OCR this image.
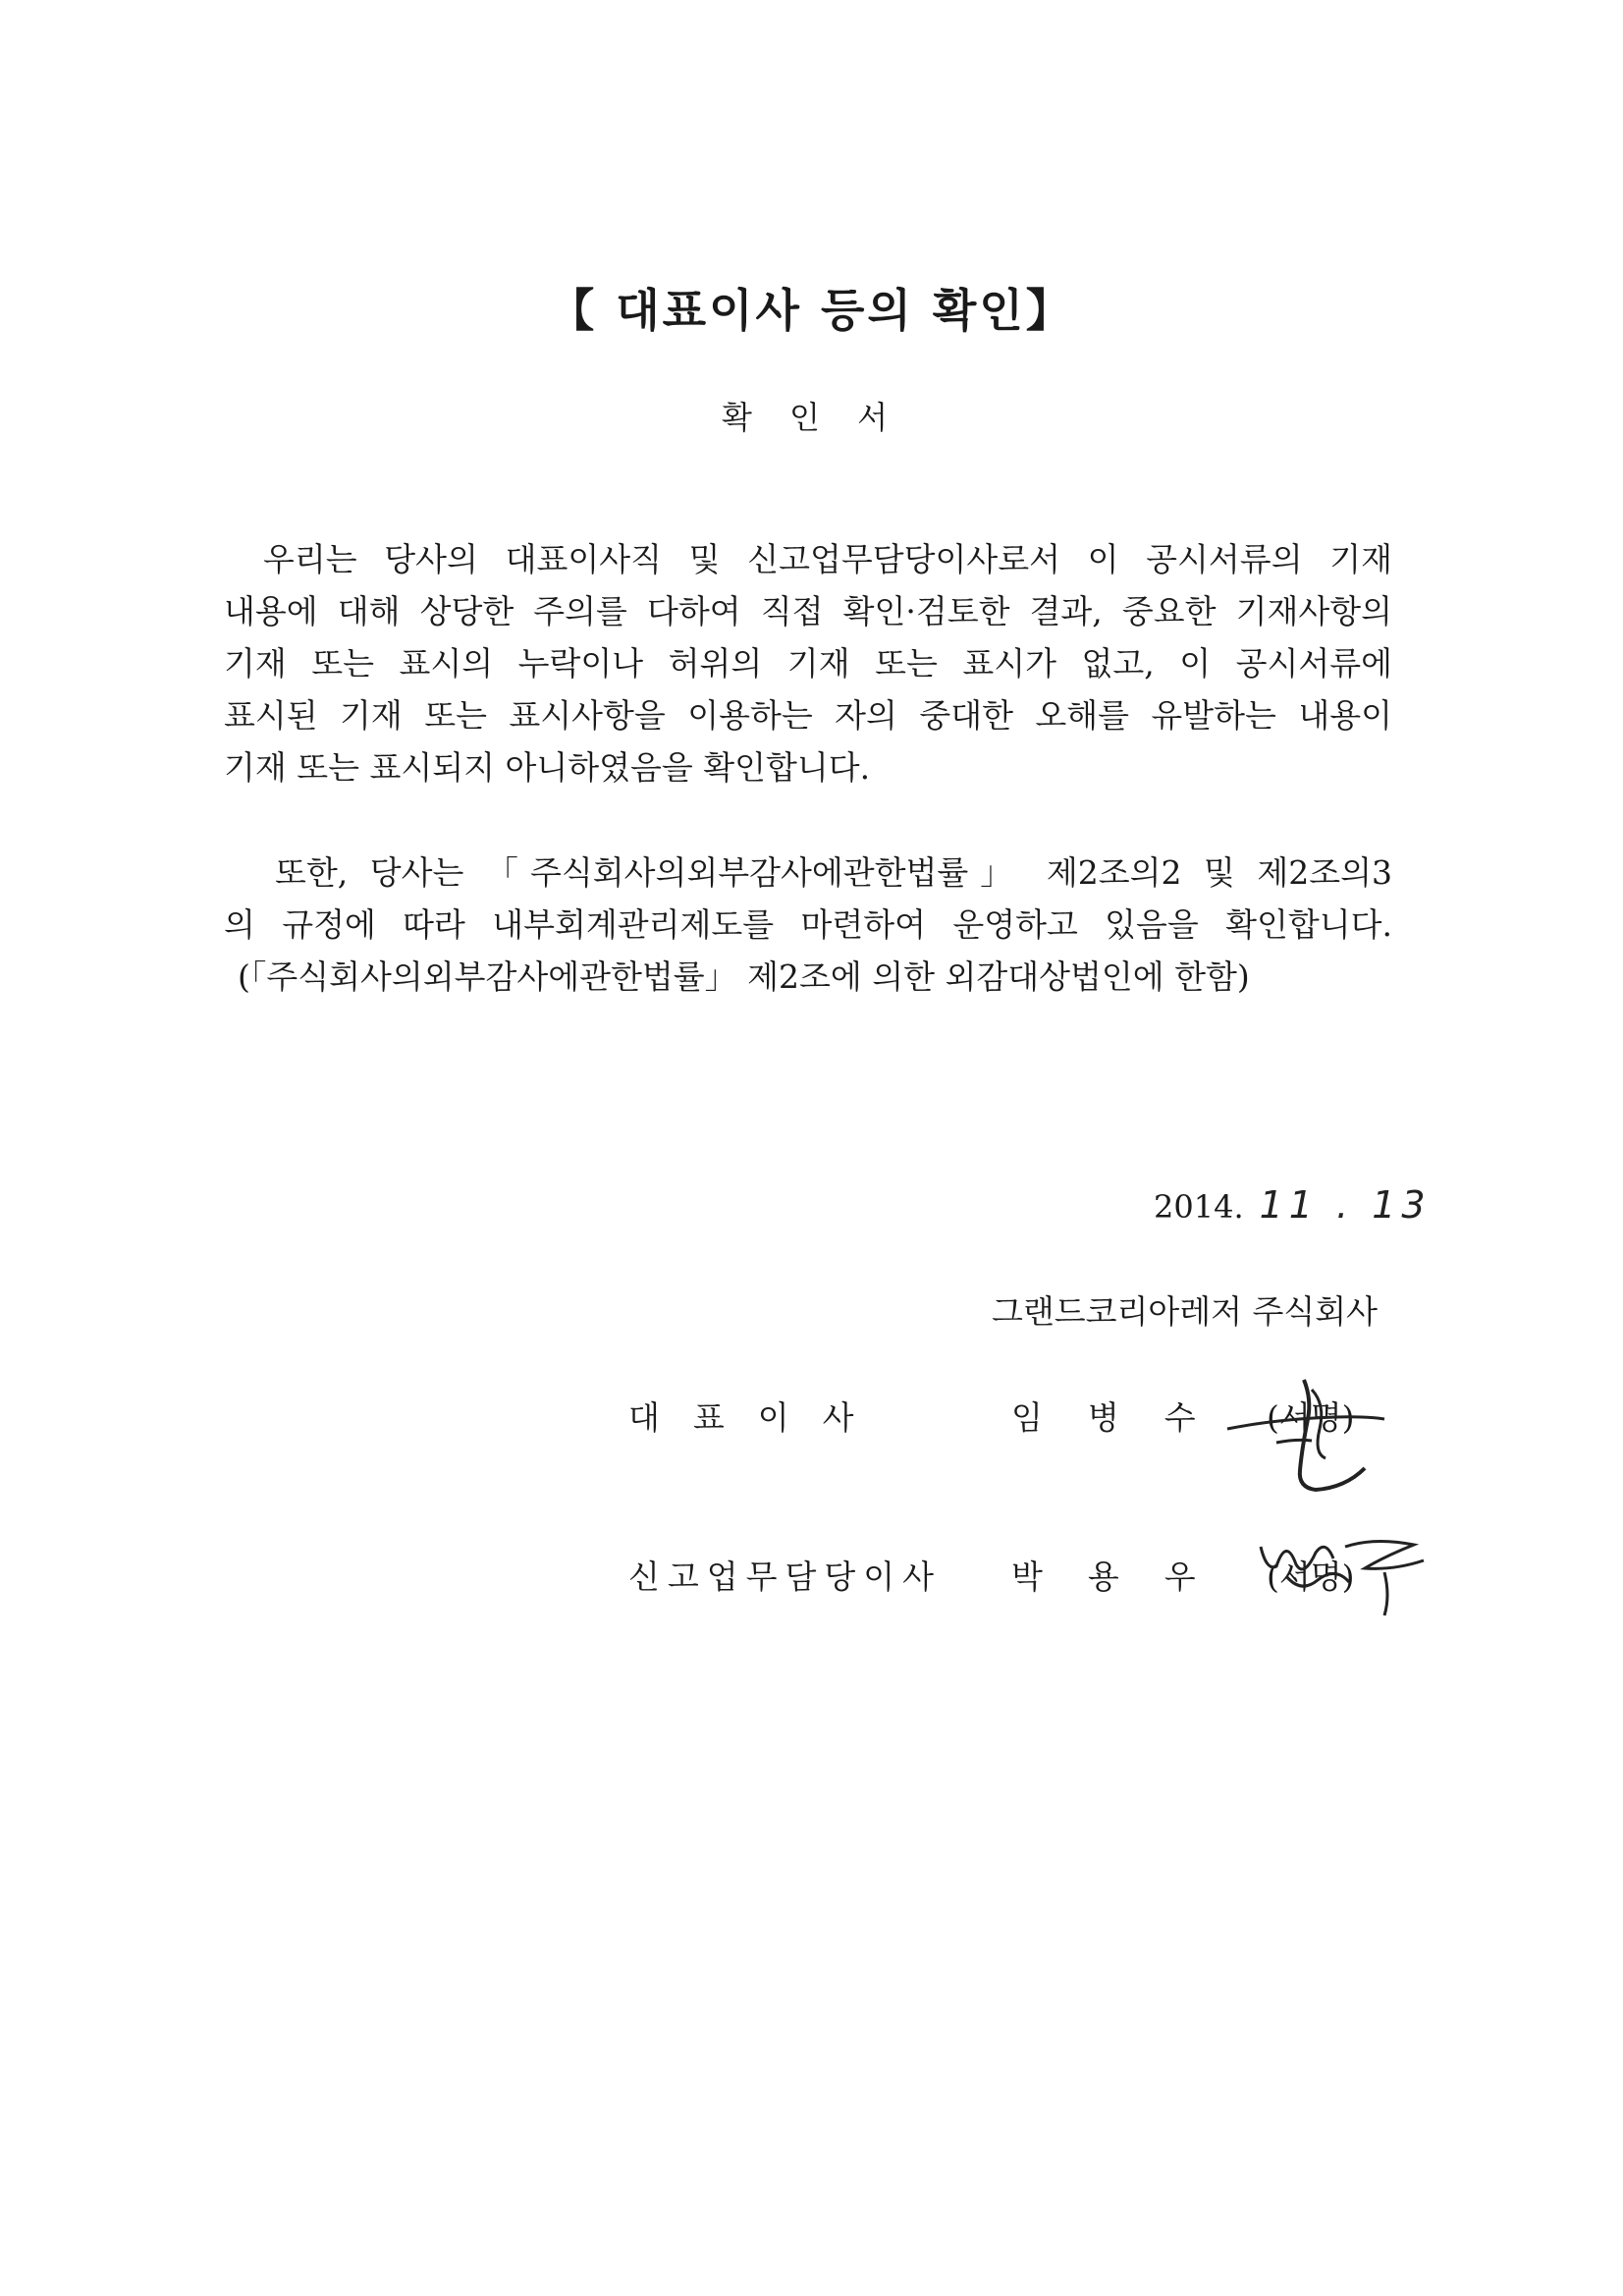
【 대표이사 등의 확인】
확 인 서
우리는 당사의 대표이사직 및 신고업무담당이사로서 이 공시서류의 기재
내용에 대해 상당한 주의를 다하여 직접 확인·검토한 결과, 중요한 기재사항의
기재 또는 표시의 누락이나 허위의 기재 또는 표시가 없고, 이 공시서류에
표시된 기재 또는 표시사항을 이용하는 자의 중대한 오해를 유발하는 내용이
기재 또는 표시되지 아니하였음을 확인합니다.
또한, 당사는 「주식회사의외부감사에관한법률」 제2조의2 및 제2조의3
의 규정에 따라 내부회계관리제도를 마련하여 운영하고 있음을 확인합니다.
(「주식회사의외부감사에관한법률」 제2조에 의한 외감대상법인에 한함)
2014. 11 . 13
그랜드코리아레저 주식회사
대표이사	임병수 (서명)
신고업무담당이사 박용우 (서명)
